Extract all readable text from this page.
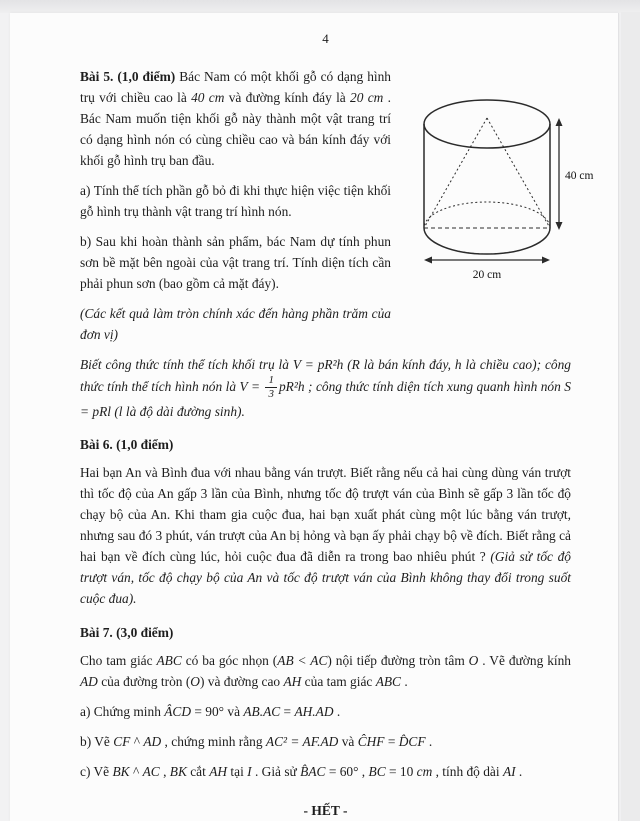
4
40 cm
20 cm

Bài 5. (1,0 điểm) Bác Nam có một khối gỗ có dạng hình trụ với chiều cao là 40 cm và đường kính đáy là 20 cm . Bác Nam muốn tiện khối gỗ này thành một vật trang trí có dạng hình nón có cùng chiều cao và bán kính đáy với khối gỗ hình trụ ban đầu.

a) Tính thể tích phần gỗ bỏ đi khi thực hiện việc tiện khối gỗ hình trụ thành vật trang trí hình nón.

b) Sau khi hoàn thành sản phẩm, bác Nam dự tính phun sơn bề mặt bên ngoài của vật trang trí. Tính diện tích cần phải phun sơn (bao gồm cả mặt đáy).

(Các kết quả làm tròn chính xác đến hàng phần trăm của đơn vị)

Biết công thức tính thể tích khối trụ là V = pR²h (R là bán kính đáy, h là chiều cao); công thức tính thể tích hình nón là $V = \frac{1}{3} pR^2h$ ; công thức tính diện tích xung quanh hình nón S = pRl (l là độ dài đường sinh).

Bài 6. (1,0 điểm)

Hai bạn An và Bình đua với nhau bằng ván trượt. Biết rằng nếu cả hai cùng dùng ván trượt thì tốc độ của An gấp 3 lần của Bình, nhưng tốc độ trượt ván của Bình sẽ gấp 3 lần tốc độ chạy bộ của An. Khi tham gia cuộc đua, hai bạn xuất phát cùng một lúc bằng ván trượt, nhưng sau đó 3 phút, ván trượt của An bị hỏng và bạn ấy phải chạy bộ về đích. Biết rằng cả hai bạn về đích cùng lúc, hỏi cuộc đua đã diễn ra trong bao nhiêu phút ? (Giả sử tốc độ trượt ván, tốc độ chạy bộ của An và tốc độ trượt ván của Bình không thay đổi trong suốt cuộc đua).

Bài 7. (3,0 điểm)

Cho tam giác ABC có ba góc nhọn (AB < AC) nội tiếp đường tròn tâm O . Vẽ đường kính AD của đường tròn (O) và đường cao AH của tam giác ABC .

a) Chứng minh ÂCD = 90° và AB.AC = AH.AD .

b) Vẽ CF ^ AD , chứng minh rằng AC² = AF.AD và ĈHF = D̂CF .

c) Vẽ BK ^ AC , BK cắt AH tại I . Giả sử B̂AC = 60° , BC = 10 cm , tính độ dài AI .

- HẾT -
